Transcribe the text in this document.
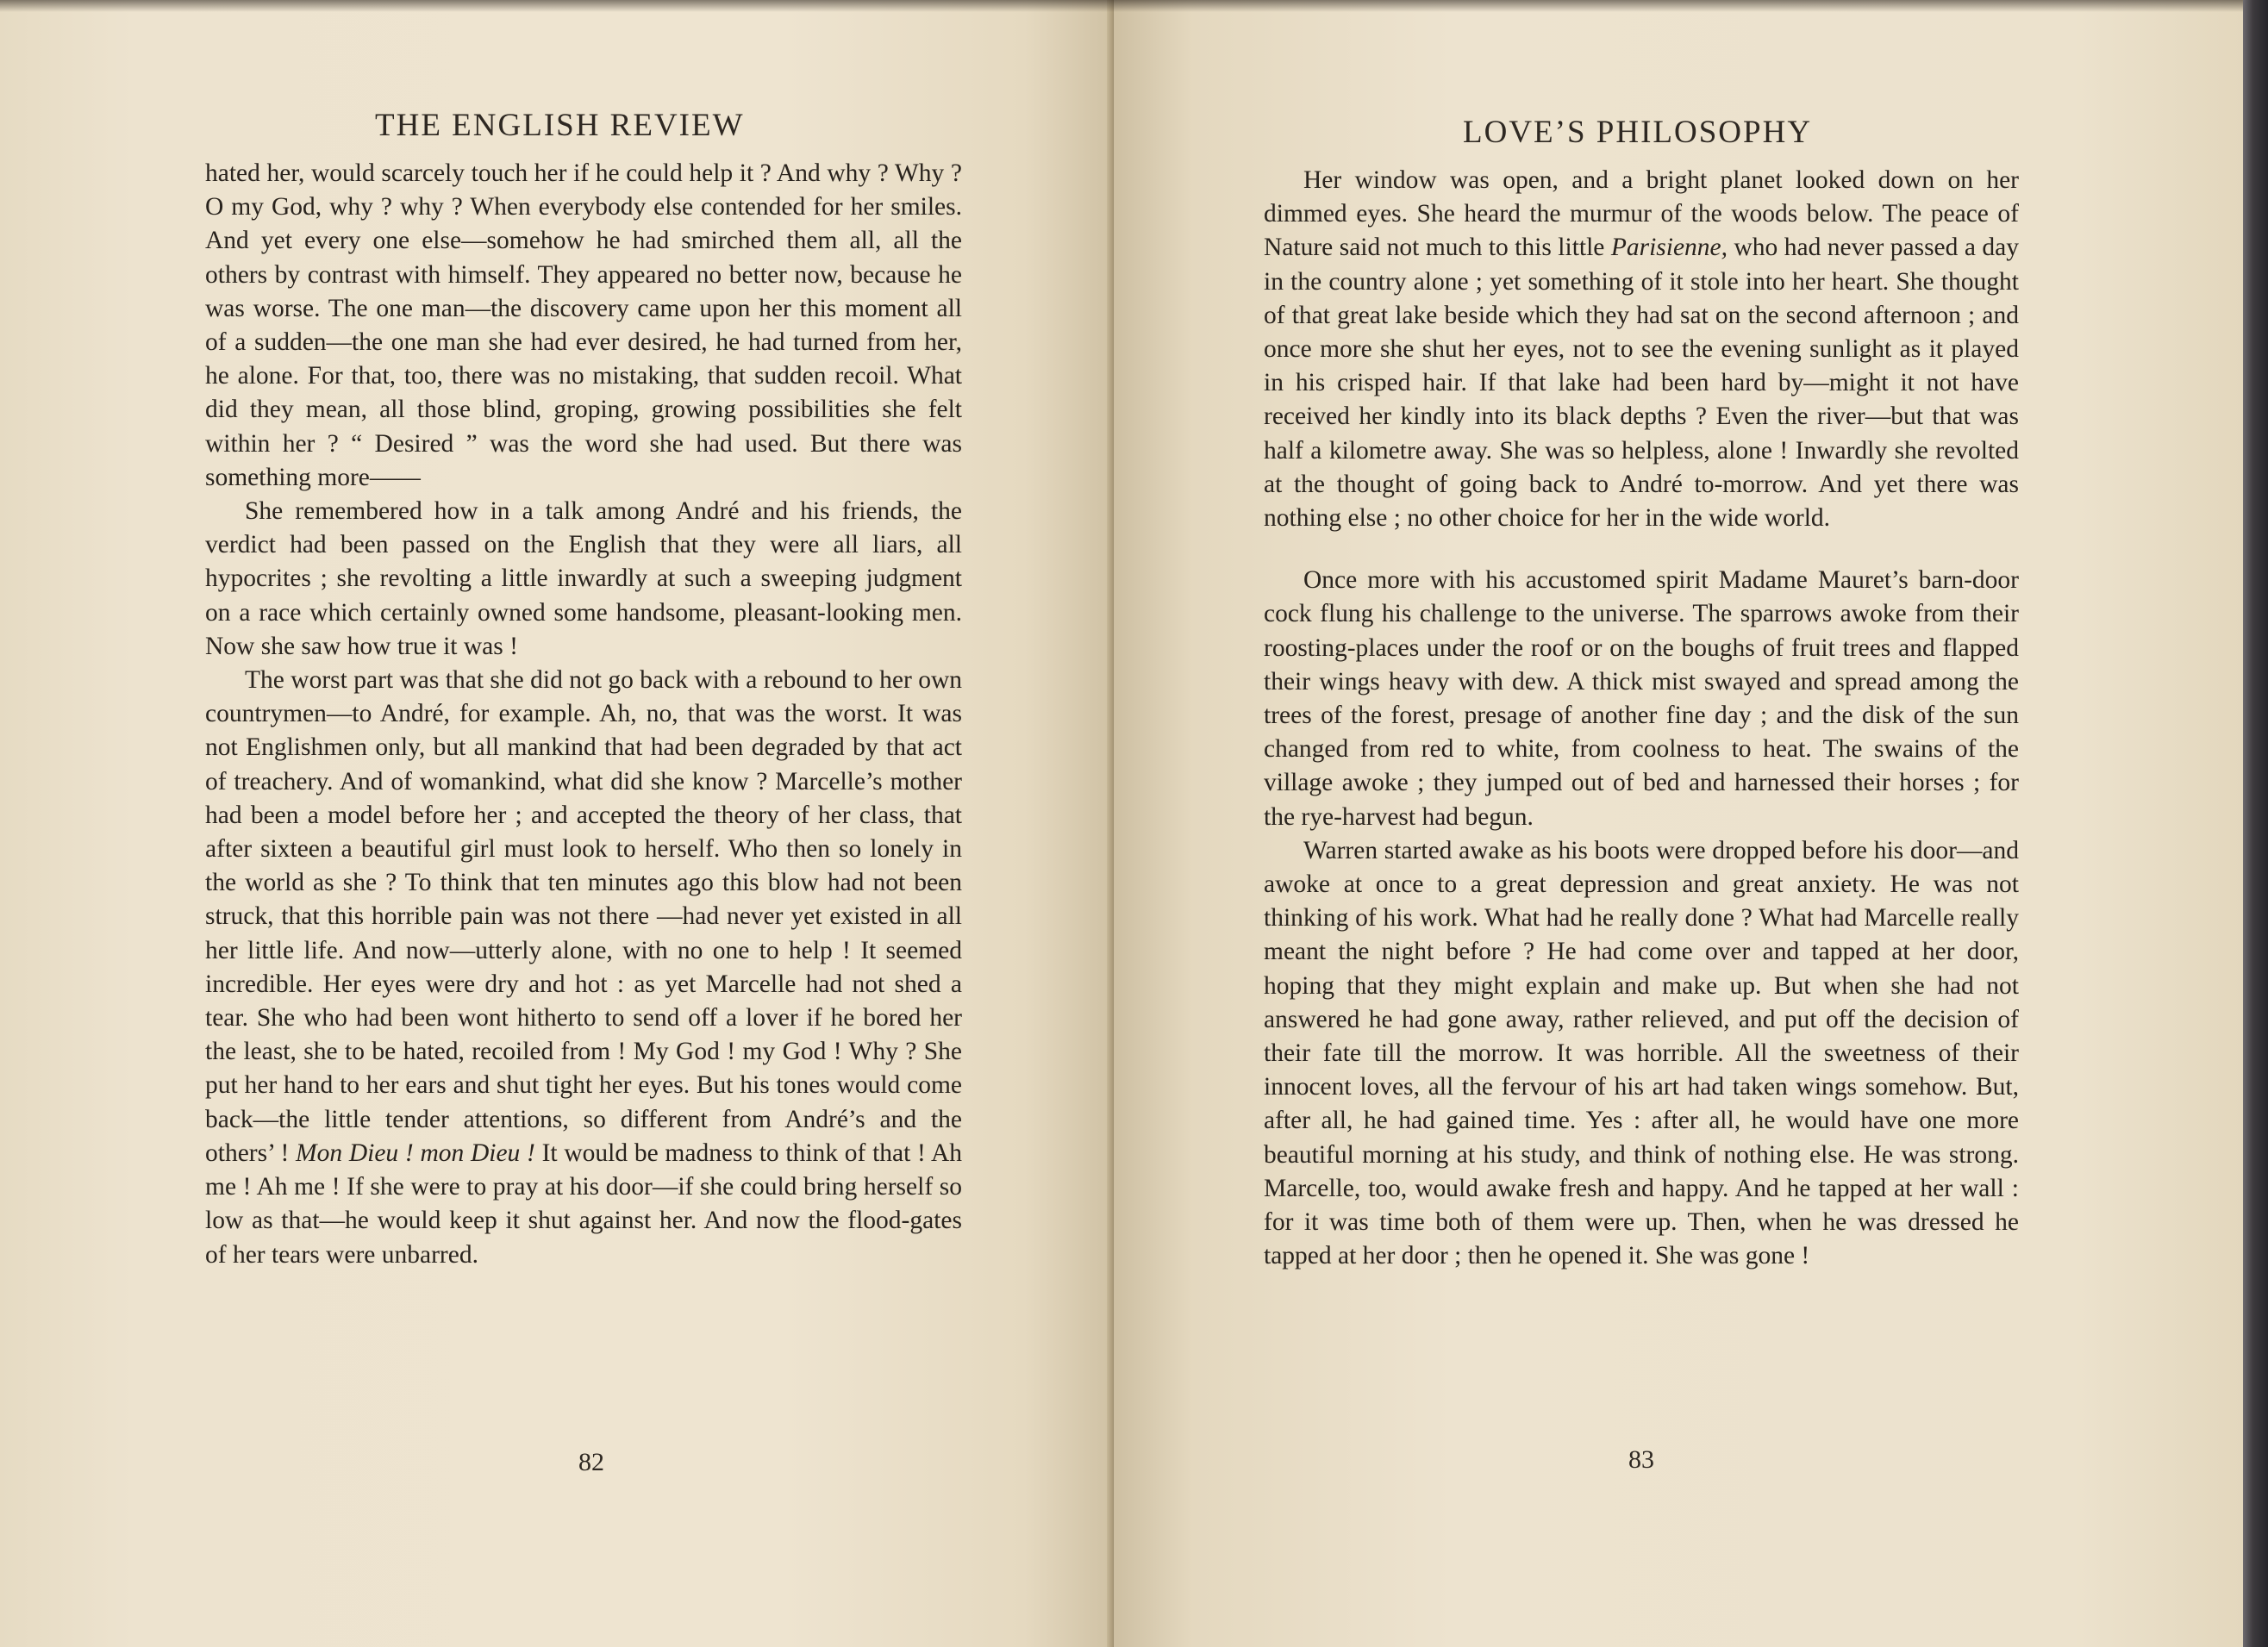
THE ENGLISH REVIEW

hated her, would scarcely touch her if he could help it ? And why ? Why ? O my God, why ? why ? When everybody else contended for her smiles. And yet every one else—somehow he had smirched them all, all the others by contrast with himself. They appeared no better now, because he was worse. The one man—the discovery came upon her this moment all of a sudden—the one man she had ever desired, he had turned from her, he alone. For that, too, there was no mistaking, that sudden recoil. What did they mean, all those blind, groping, growing possibilities she felt within her ? “ Desired ” was the word she had used. But there was something more——

She remembered how in a talk among André and his friends, the verdict had been passed on the English that they were all liars, all hypocrites ; she revolting a little inwardly at such a sweeping judgment on a race which certainly owned some handsome, pleasant-looking men. Now she saw how true it was !

The worst part was that she did not go back with a rebound to her own countrymen—to André, for example. Ah, no, that was the worst. It was not Englishmen only, but all mankind that had been degraded by that act of treachery. And of womankind, what did she know ? Marcelle’s mother had been a model before her ; and accepted the theory of her class, that after sixteen a beautiful girl must look to herself. Who then so lonely in the world as she ? To think that ten minutes ago this blow had not been struck, that this horrible pain was not there —had never yet existed in all her little life. And now—utterly alone, with no one to help ! It seemed incredible. Her eyes were dry and hot : as yet Marcelle had not shed a tear. She who had been wont hitherto to send off a lover if he bored her the least, she to be hated, recoiled from ! My God ! my God ! Why ? She put her hand to her ears and shut tight her eyes. But his tones would come back—the little tender attentions, so different from André’s and the others’ ! Mon Dieu ! mon Dieu ! It would be madness to think of that ! Ah me ! Ah me ! If she were to pray at his door—if she could bring herself so low as that—he would keep it shut against her. And now the flood-gates of her tears were unbarred.

82
LOVE’S PHILOSOPHY

Her window was open, and a bright planet looked down on her dimmed eyes. She heard the murmur of the woods below. The peace of Nature said not much to this little Parisienne, who had never passed a day in the country alone ; yet something of it stole into her heart. She thought of that great lake beside which they had sat on the second afternoon ; and once more she shut her eyes, not to see the evening sunlight as it played in his crisped hair. If that lake had been hard by—might it not have received her kindly into its black depths ? Even the river—but that was half a kilometre away. She was so helpless, alone ! Inwardly she revolted at the thought of going back to André to-morrow. And yet there was nothing else ; no other choice for her in the wide world.

Once more with his accustomed spirit Madame Mauret’s barn-door cock flung his challenge to the universe. The sparrows awoke from their roosting-places under the roof or on the boughs of fruit trees and flapped their wings heavy with dew. A thick mist swayed and spread among the trees of the forest, presage of another fine day ; and the disk of the sun changed from red to white, from coolness to heat. The swains of the village awoke ; they jumped out of bed and harnessed their horses ; for the rye-harvest had begun.

Warren started awake as his boots were dropped before his door—and awoke at once to a great depression and great anxiety. He was not thinking of his work. What had he really done ? What had Marcelle really meant the night before ? He had come over and tapped at her door, hoping that they might explain and make up. But when she had not answered he had gone away, rather relieved, and put off the decision of their fate till the morrow. It was horrible. All the sweetness of their innocent loves, all the fervour of his art had taken wings somehow. But, after all, he had gained time. Yes : after all, he would have one more beautiful morning at his study, and think of nothing else. He was strong. Marcelle, too, would awake fresh and happy. And he tapped at her wall : for it was time both of them were up. Then, when he was dressed he tapped at her door ; then he opened it. She was gone !

83
